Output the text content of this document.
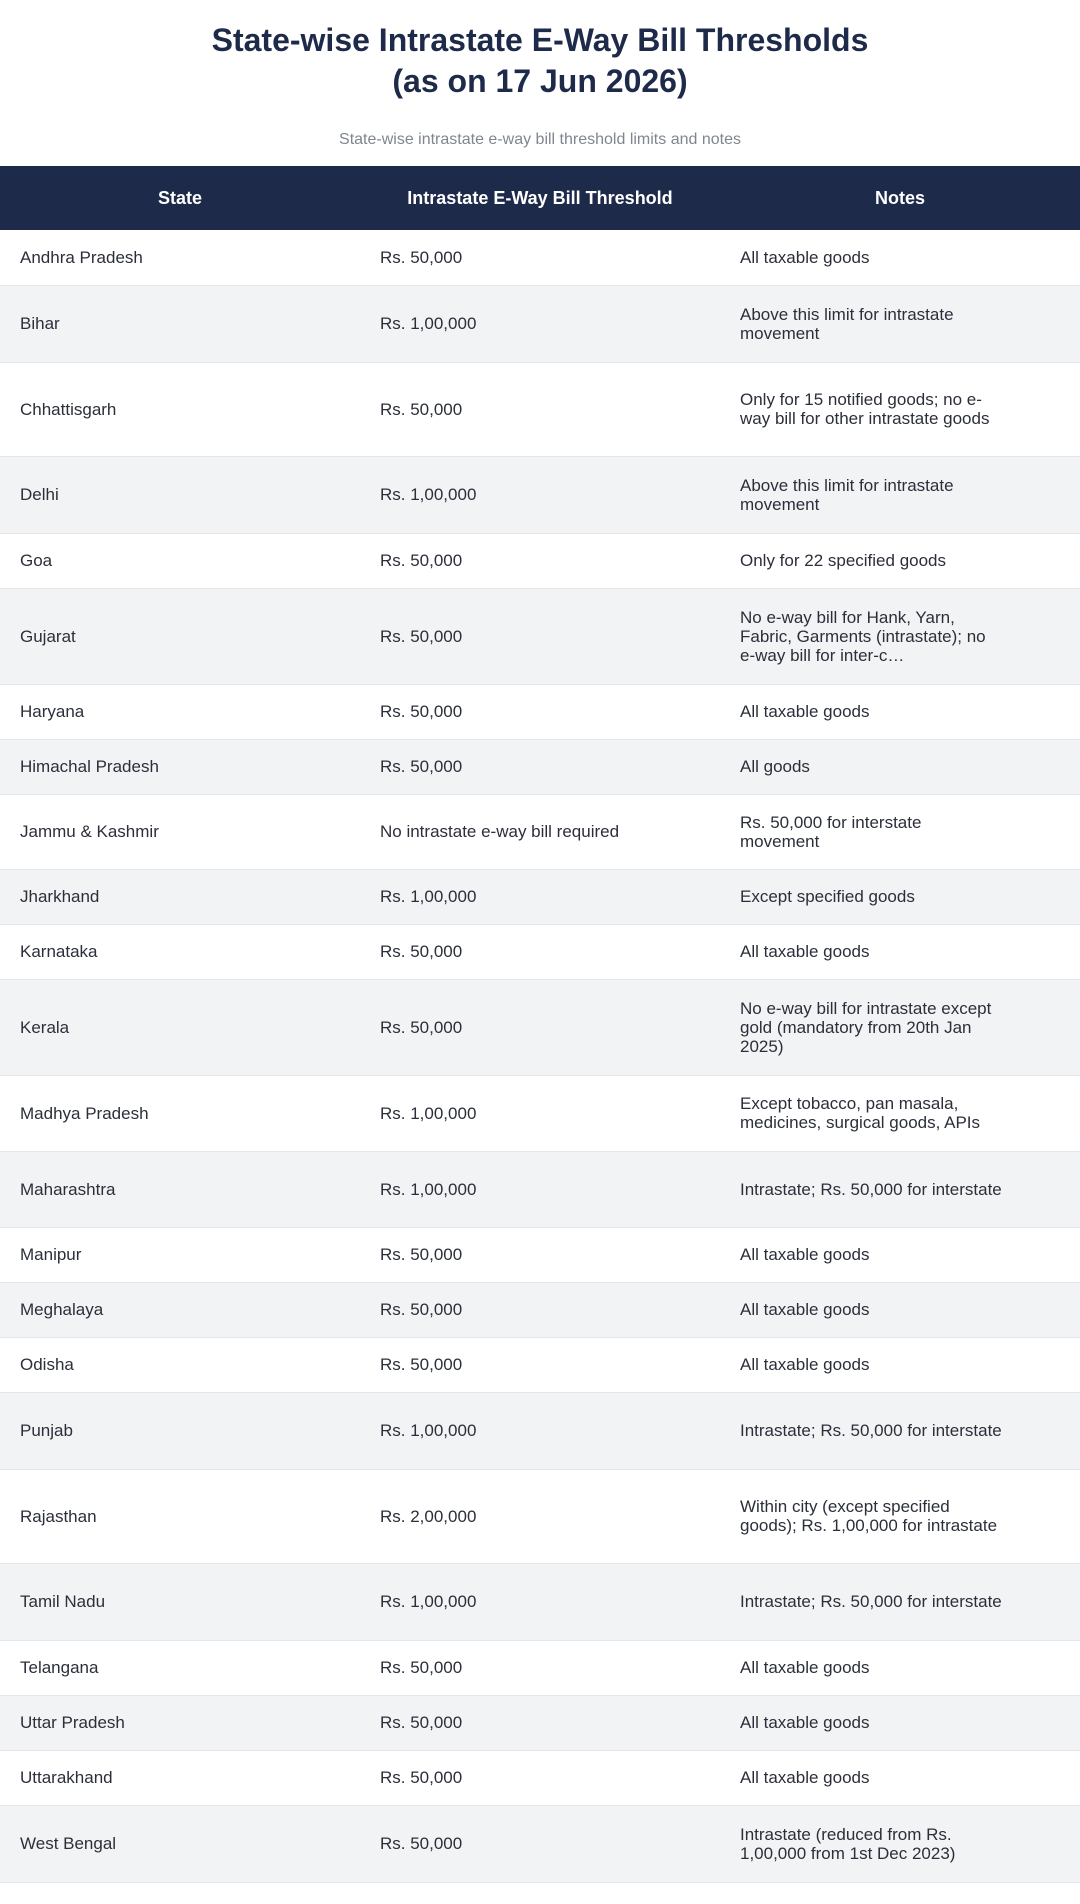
State-wise Intrastate E-Way Bill Thresholds (as on 17 Jun 2026)
State-wise intrastate e-way bill threshold limits and notes
State	Intrastate E-Way Bill Threshold	Notes
Andhra Pradesh	Rs. 50,000	All taxable goods

Bihar	Rs. 1,00,000	Above this limit for intrastate movement

Chhattisgarh	Rs. 50,000	Only for 15 notified goods; no e-way bill for other intrastate goods

Delhi	Rs. 1,00,000	Above this limit for intrastate movement

Goa	Rs. 50,000	Only for 22 specified goods

Gujarat	Rs. 50,000	No e-way bill for Hank, Yarn, Fabric, Garments (intrastate); no e-way bill for inter-c…

Haryana	Rs. 50,000	All taxable goods

Himachal Pradesh	Rs. 50,000	All goods

Jammu & Kashmir	No intrastate e-way bill required	Rs. 50,000 for interstate movement

Jharkhand	Rs. 1,00,000	Except specified goods

Karnataka	Rs. 50,000	All taxable goods

Kerala	Rs. 50,000	No e-way bill for intrastate except gold (mandatory from 20th Jan 2025)

Madhya Pradesh	Rs. 1,00,000	Except tobacco, pan masala, medicines, surgical goods, APIs

Maharashtra	Rs. 1,00,000	Intrastate; Rs. 50,000 for interstate

Manipur	Rs. 50,000	All taxable goods

Meghalaya	Rs. 50,000	All taxable goods

Odisha	Rs. 50,000	All taxable goods

Punjab	Rs. 1,00,000	Intrastate; Rs. 50,000 for interstate

Rajasthan	Rs. 2,00,000	Within city (except specified goods); Rs. 1,00,000 for intrastate

Tamil Nadu	Rs. 1,00,000	Intrastate; Rs. 50,000 for interstate

Telangana	Rs. 50,000	All taxable goods

Uttar Pradesh	Rs. 50,000	All taxable goods

Uttarakhand	Rs. 50,000	All taxable goods

West Bengal	Rs. 50,000	Intrastate (reduced from Rs. 1,00,000 from 1st Dec 2023)
